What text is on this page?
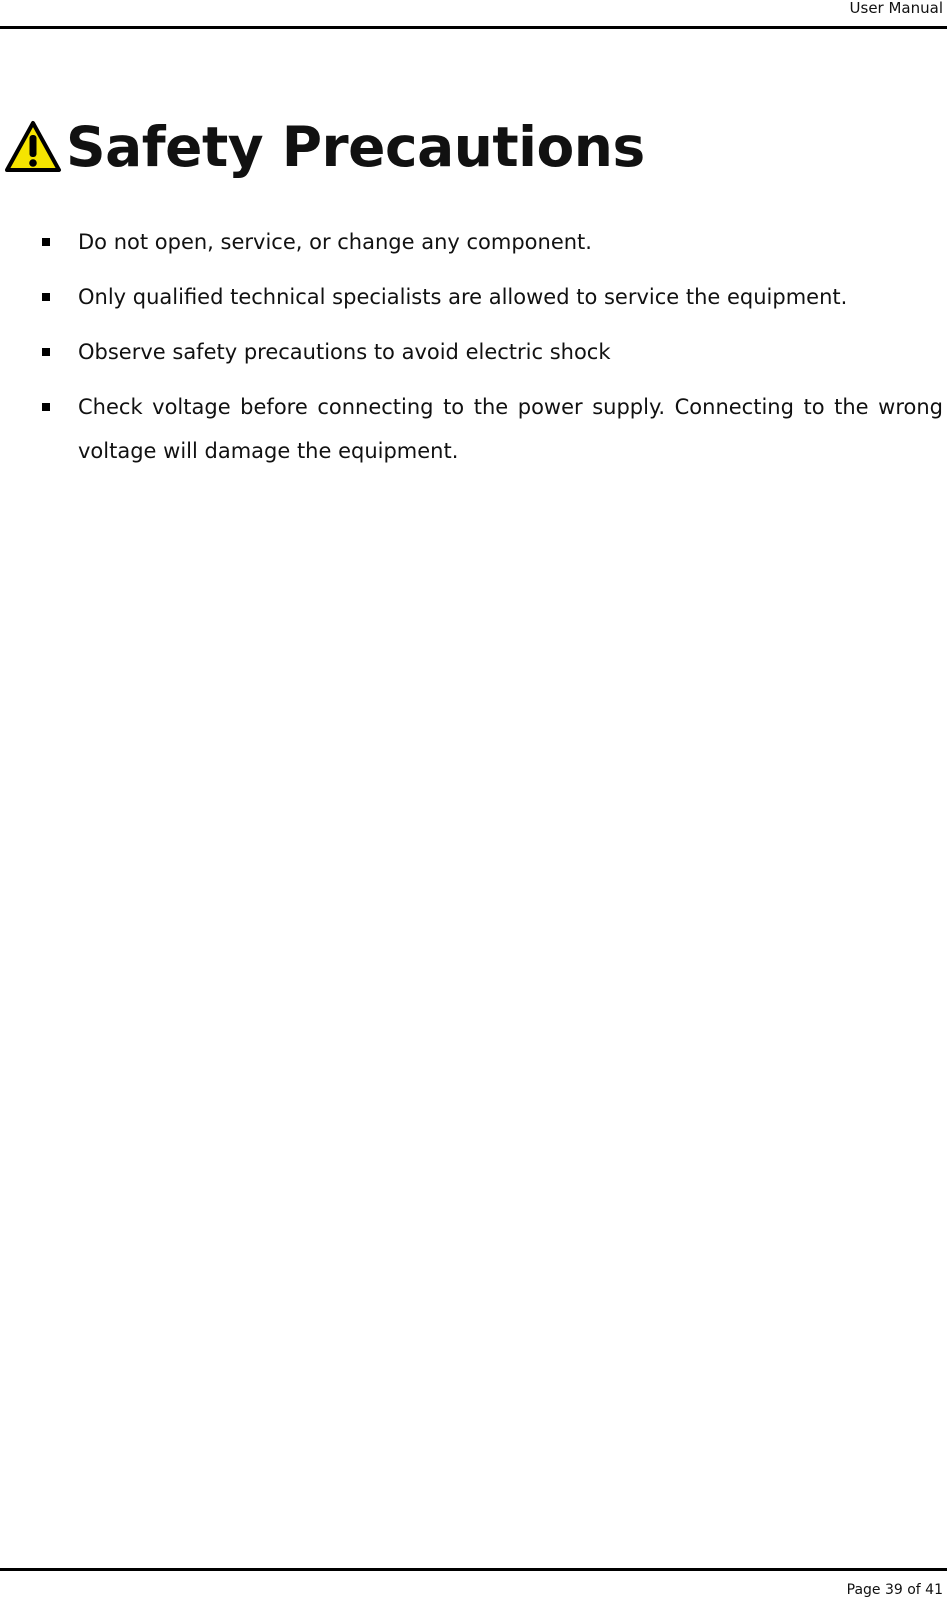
User Manual
Safety Precautions
Do not open, service, or change any component.
Only qualified technical specialists are allowed to service the equipment.
Observe safety precautions to avoid electric shock
Check voltage before connecting to the power supply. Connecting to the wrong voltage will damage the equipment.
Page 39 of 41
